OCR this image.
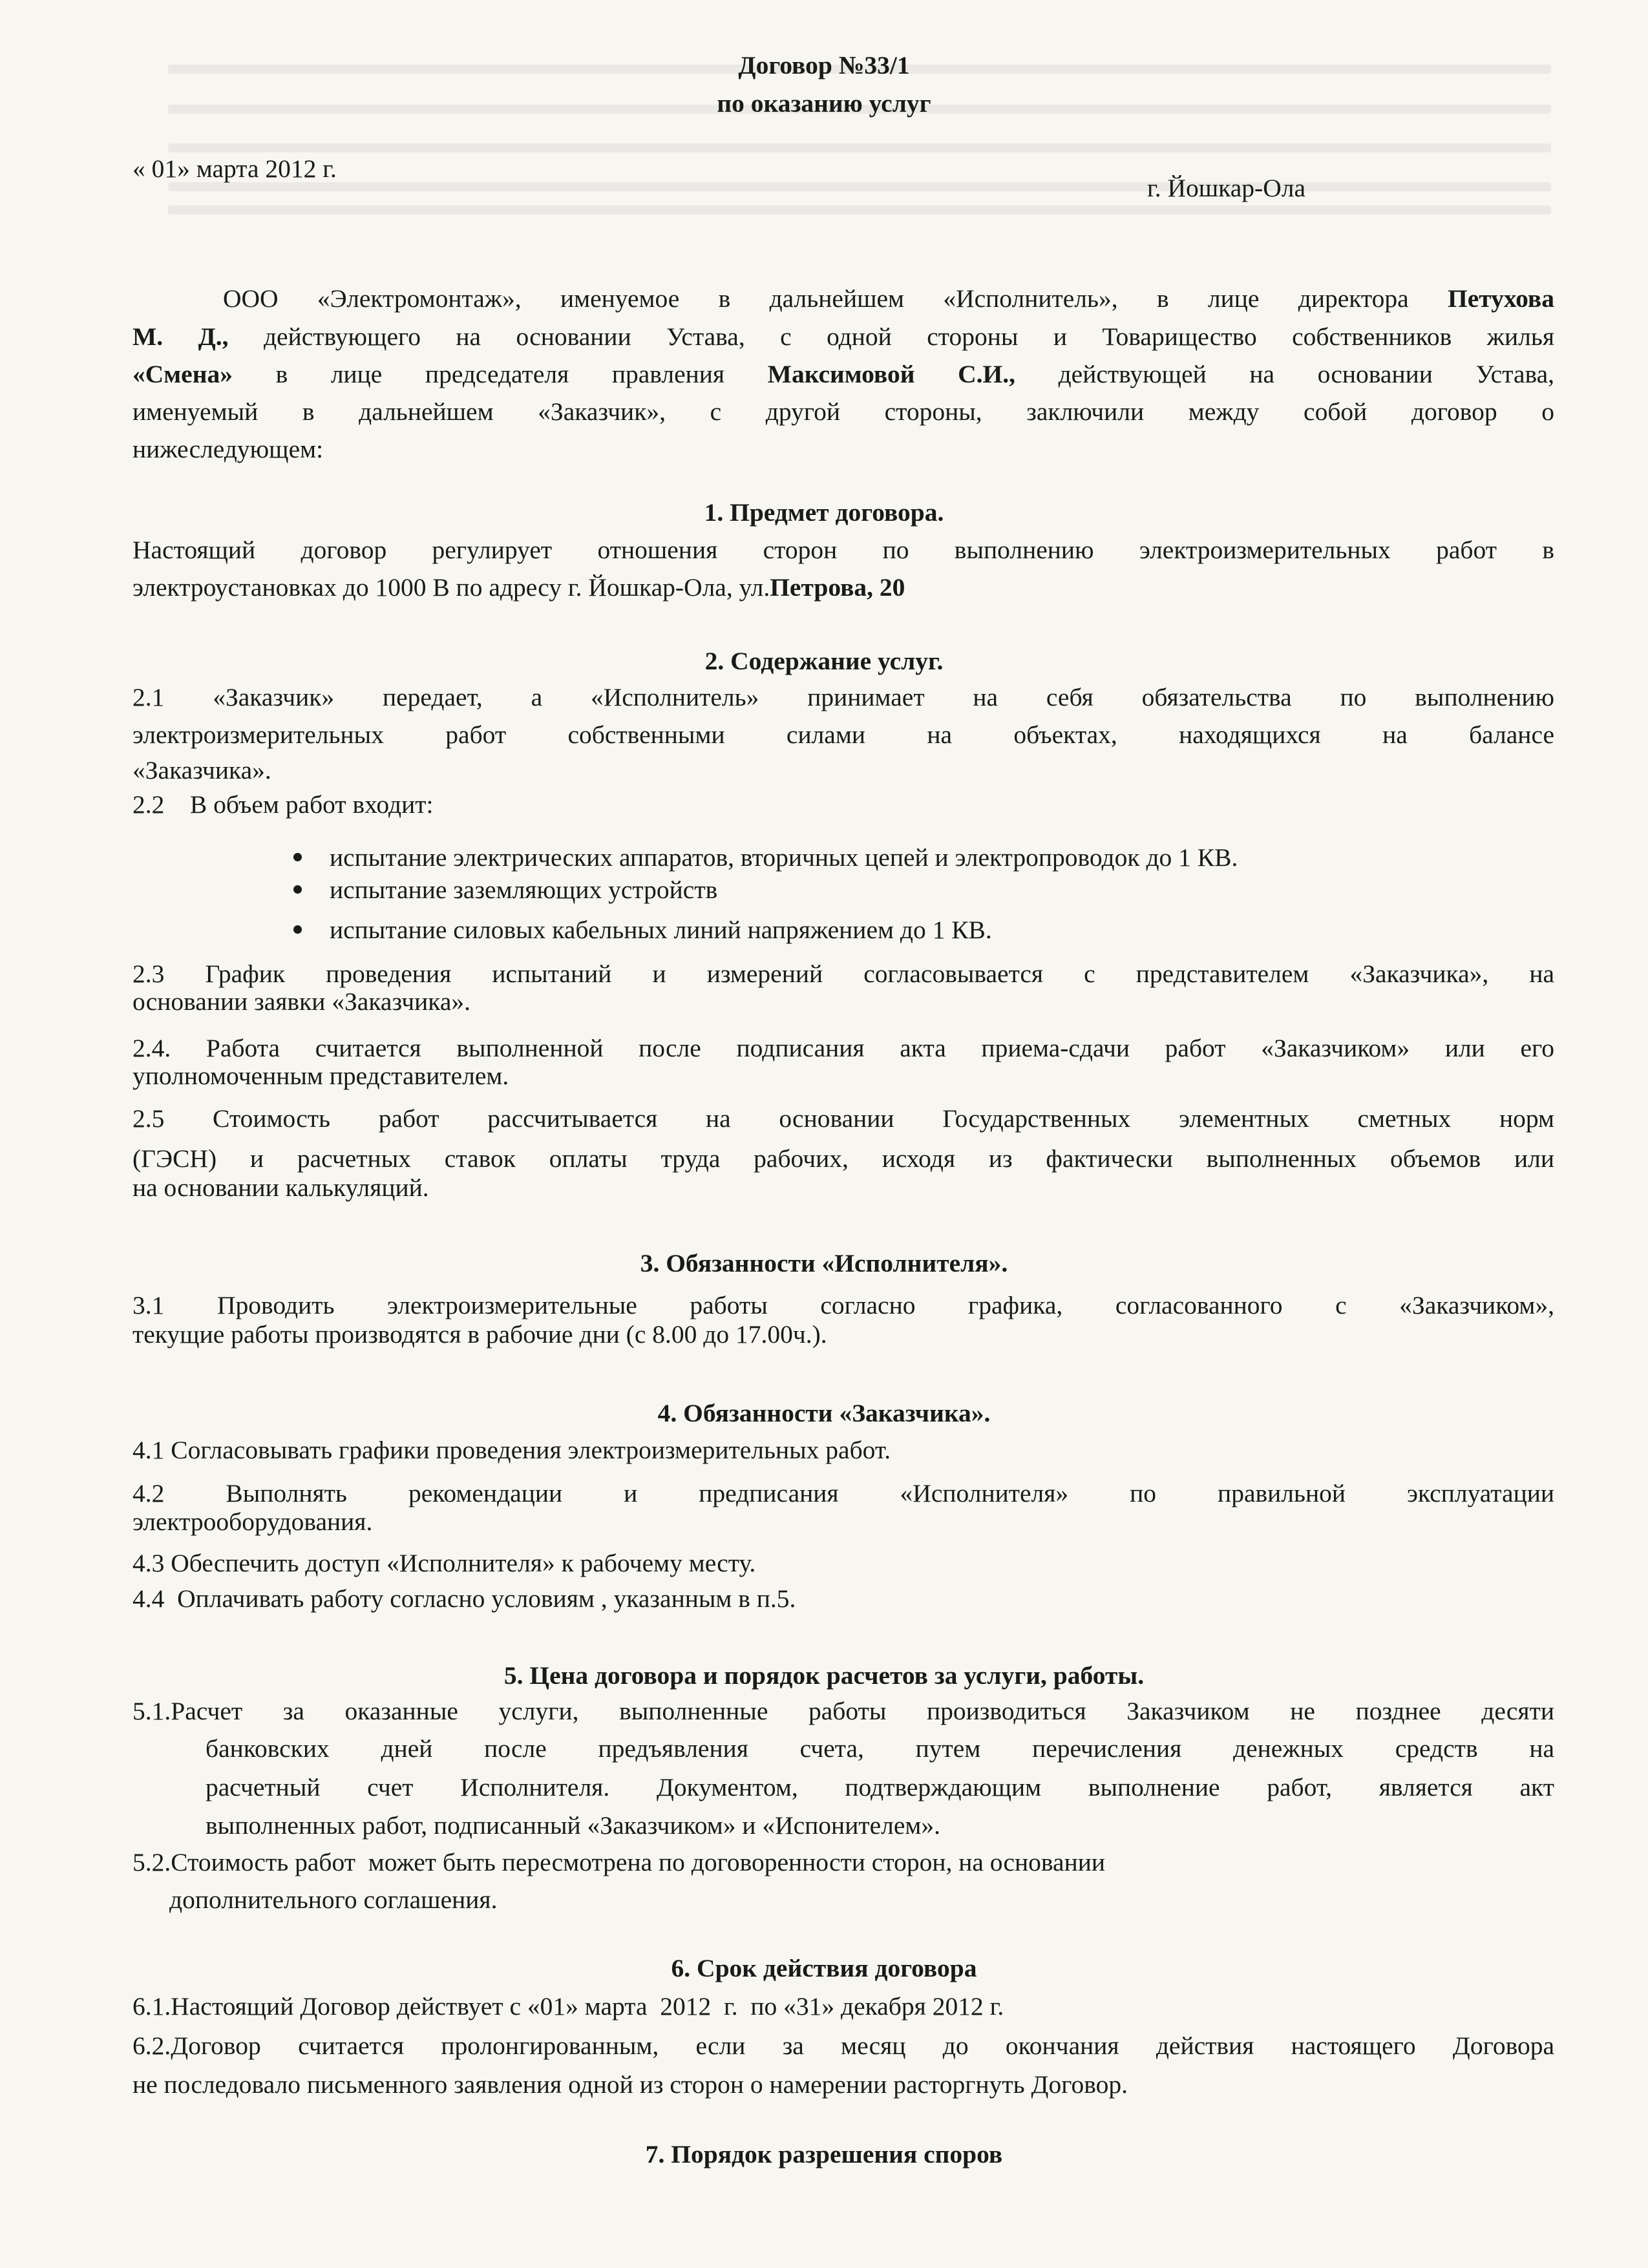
Договор №33/1
по оказанию услуг
« 01» марта 2012 г.
г. Йошкар-Ола
ООО «Электромонтаж», именуемое в дальнейшем «Исполнитель», в лице директора Петухова
М. Д., действующего на основании Устава, с одной стороны и Товарищество собственников жилья
«Смена» в лице председателя правления Максимовой С.И., действующей на основании Устава,
именуемый в дальнейшем «Заказчик», с другой стороны, заключили между собой договор о
нижеследующем:
1. Предмет договора.
Настоящий договор регулирует отношения сторон по выполнению электроизмерительных работ в
электроустановках до 1000 В по адресу г. Йошкар-Ола, ул.Петрова, 20
2. Содержание услуг.
2.1 «Заказчик» передает, а «Исполнитель» принимает на себя обязательства по выполнению
электроизмерительных работ собственными силами на объектах, находящихся на балансе
«Заказчика».
2.2    В объем работ входит:
испытание электрических аппаратов, вторичных цепей и электропроводок до 1 КВ.
испытание заземляющих устройств
испытание силовых кабельных линий напряжением до 1 КВ.
2.3 График проведения испытаний и измерений согласовывается с представителем «Заказчика», на
основании заявки «Заказчика».
2.4. Работа считается выполненной после подписания акта приема-сдачи работ «Заказчиком» или его
уполномоченным представителем.
2.5 Стоимость работ рассчитывается на основании Государственных элементных сметных норм
(ГЭСН) и расчетных ставок оплаты труда рабочих, исходя из фактически выполненных объемов или
на основании калькуляций.
3. Обязанности «Исполнителя».
3.1 Проводить электроизмерительные работы согласно графика, согласованного с «Заказчиком»,
текущие работы производятся в рабочие дни (с 8.00 до 17.00ч.).
4. Обязанности «Заказчика».
4.1 Согласовывать графики проведения электроизмерительных работ.
4.2 Выполнять рекомендации и предписания «Исполнителя» по правильной эксплуатации
электрооборудования.
4.3 Обеспечить доступ «Исполнителя» к рабочему месту.
4.4  Оплачивать работу согласно условиям , указанным в п.5.
5. Цена договора и порядок расчетов за услуги, работы.
5.1.Расчет за оказанные услуги, выполненные работы производиться Заказчиком не позднее десяти
банковских дней после предъявления счета, путем перечисления денежных средств на
расчетный счет Исполнителя. Документом, подтверждающим выполнение работ, является акт
выполненных работ, подписанный «Заказчиком» и «Испонителем».
5.2.Стоимость работ  может быть пересмотрена по договоренности сторон, на основании
дополнительного соглашения.
6. Срок действия договора
6.1.Настоящий Договор действует с «01» марта  2012  г.  по «31» декабря 2012 г.
6.2.Договор считается пролонгированным, если за месяц до окончания действия настоящего Договора
не последовало письменного заявления одной из сторон о намерении расторгнуть Договор.
7. Порядок разрешения споров
